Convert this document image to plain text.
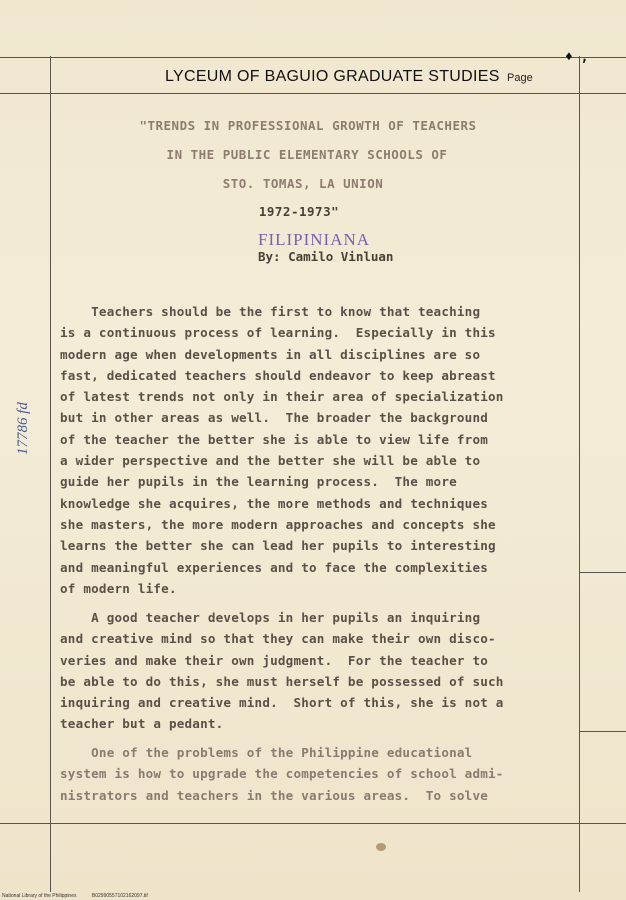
♦ ,
LYCEUM OF BAGUIO GRADUATE STUDIES Page
"TRENDS IN PROFESSIONAL GROWTH OF TEACHERS
IN THE PUBLIC ELEMENTARY SCHOOLS OF
STO. TOMAS, LA UNION
1972-1973"
FILIPINIANA
By: Camilo Vinluan
17786 fd
Teachers should be the first to know that teaching
is a continuous process of learning.  Especially in this
modern age when developments in all disciplines are so
fast, dedicated teachers should endeavor to keep abreast
of latest trends not only in their area of specialization
but in other areas as well.  The broader the background
of the teacher the better she is able to view life from
a wider perspective and the better she will be able to
guide her pupils in the learning process.  The more
knowledge she acquires, the more methods and techniques
she masters, the more modern approaches and concepts she
learns the better she can lead her pupils to interesting
and meaningful experiences and to face the complexities
of modern life.
A good teacher develops in her pupils an inquiring
and creative mind so that they can make their own disco-
veries and make their own judgment.  For the teacher to
be able to do this, she must herself be possessed of such
inquiring and creative mind.  Short of this, she is not a
teacher but a pedant.
One of the problems of the Philippine educational
system is how to upgrade the competencies of school admi-
nistrators and teachers in the various areas.  To solve
National Library of the Philippines	B02990557102162097.tif
